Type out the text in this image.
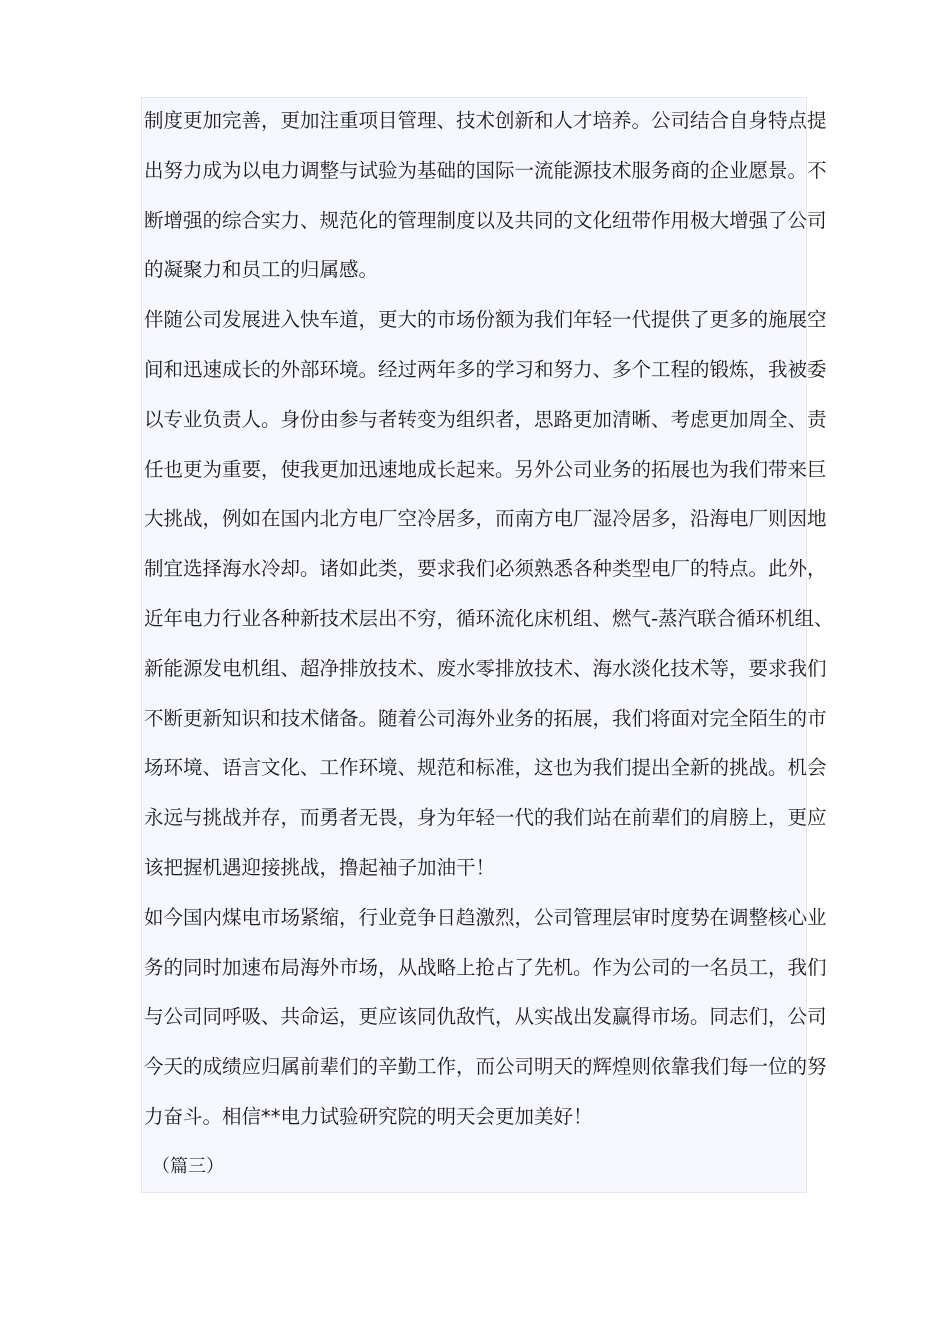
制度更加完善，更加注重项目管理、技术创新和人才培养。公司结合自身特点提
出努力成为以电力调整与试验为基础的国际一流能源技术服务商的企业愿景。不
断增强的综合实力、规范化的管理制度以及共同的文化纽带作用极大增强了公司
的凝聚力和员工的归属感。
伴随公司发展进入快车道，更大的市场份额为我们年轻一代提供了更多的施展空
间和迅速成长的外部环境。经过两年多的学习和努力、多个工程的锻炼，我被委
以专业负责人。身份由参与者转变为组织者，思路更加清晰、考虑更加周全、责
任也更为重要，使我更加迅速地成长起来。另外公司业务的拓展也为我们带来巨
大挑战，例如在国内北方电厂空冷居多，而南方电厂湿冷居多，沿海电厂则因地
制宜选择海水冷却。诸如此类，要求我们必须熟悉各种类型电厂的特点。此外，
近年电力行业各种新技术层出不穷，循环流化床机组、燃气-蒸汽联合循环机组、
新能源发电机组、超净排放技术、废水零排放技术、海水淡化技术等，要求我们
不断更新知识和技术储备。随着公司海外业务的拓展，我们将面对完全陌生的市
场环境、语言文化、工作环境、规范和标准，这也为我们提出全新的挑战。机会
永远与挑战并存，而勇者无畏，身为年轻一代的我们站在前辈们的肩膀上，更应
该把握机遇迎接挑战，撸起袖子加油干！
如今国内煤电市场紧缩，行业竞争日趋激烈，公司管理层审时度势在调整核心业
务的同时加速布局海外市场，从战略上抢占了先机。作为公司的一名员工，我们
与公司同呼吸、共命运，更应该同仇敌忾，从实战出发赢得市场。同志们，公司
今天的成绩应归属前辈们的辛勤工作，而公司明天的辉煌则依靠我们每一位的努
力奋斗。相信**电力试验研究院的明天会更加美好！
（篇三）
